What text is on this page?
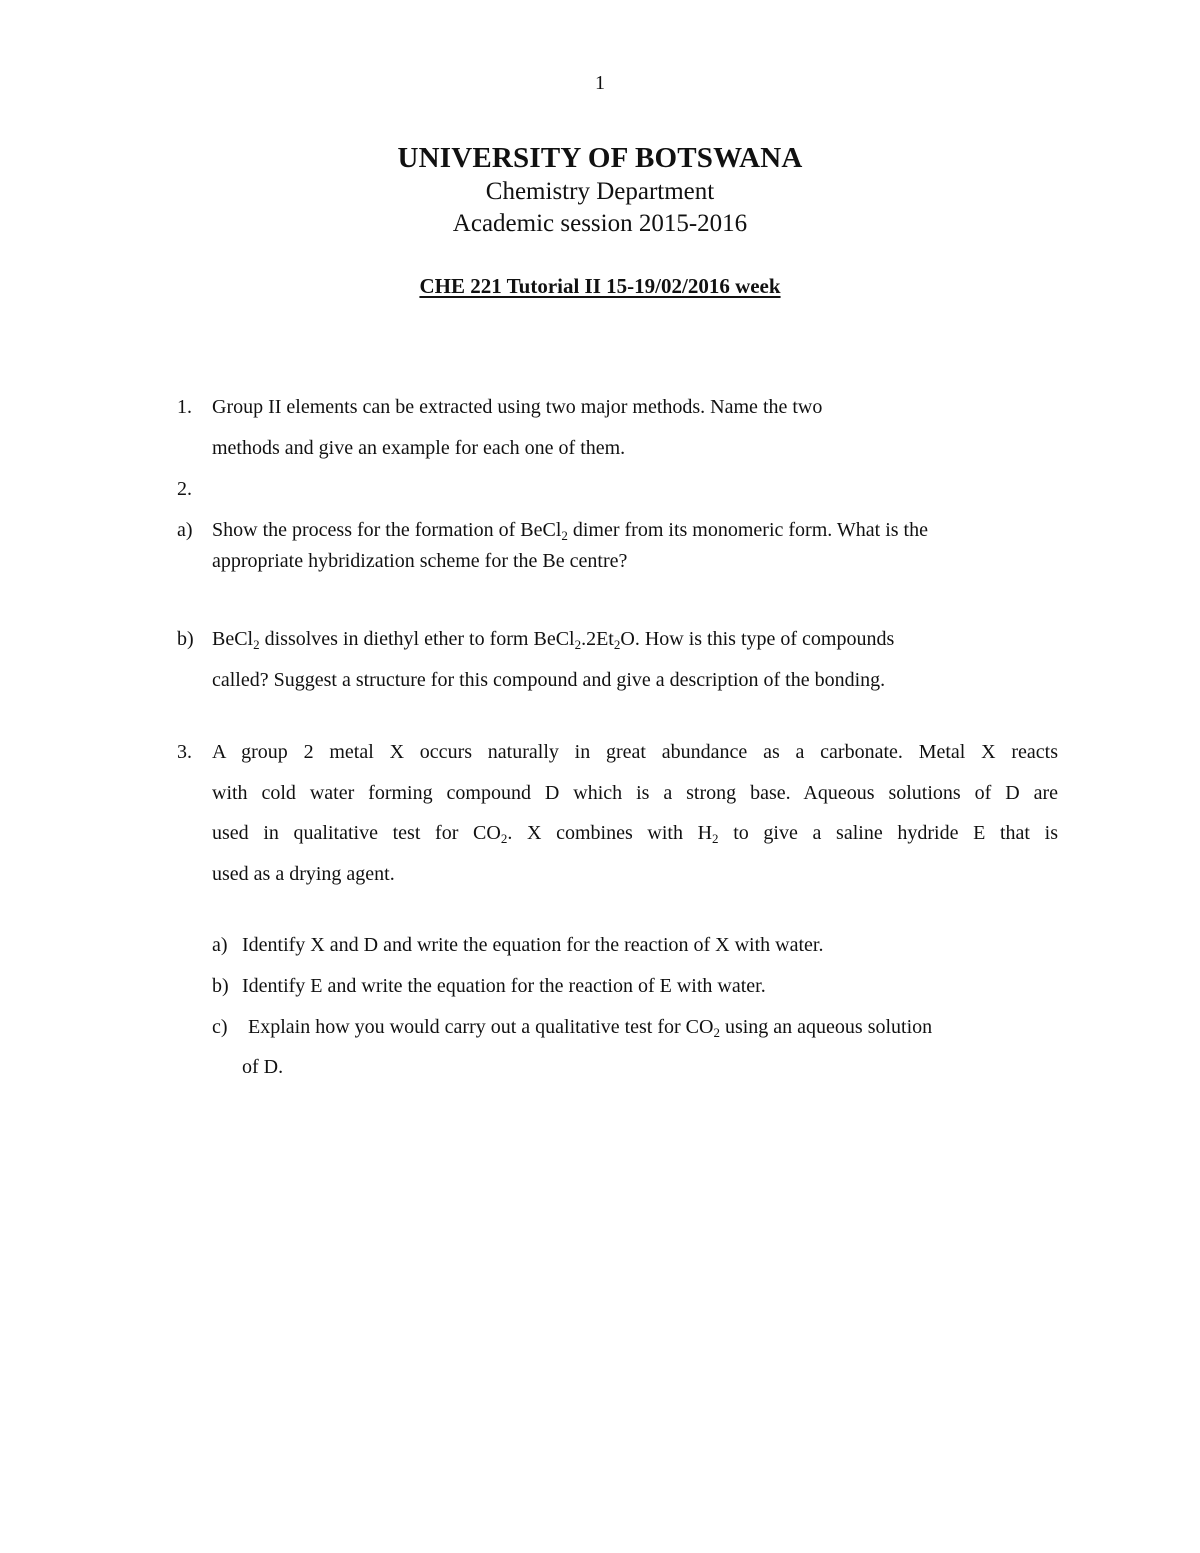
1
UNIVERSITY OF BOTSWANA
Chemistry Department
Academic session 2015-2016
CHE 221 Tutorial II 15-19/02/2016 week
1. Group II elements can be extracted using two major methods. Name the two
methods and give an example for each one of them.
2.
a) Show the process for the formation of BeCl$_2$ dimer from its monomeric form. What is the
appropriate hybridization scheme for the Be centre?
b) BeCl$_2$ dissolves in diethyl ether to form $BeCl_2.2Et_2O$. How is this type of compounds
called? Suggest a structure for this compound and give a description of the bonding.
3. A group 2 metal X occurs naturally in great abundance as a carbonate. Metal X reacts
with cold water forming compound D which is a strong base. Aqueous solutions of D are
used in qualitative test for $CO_2$. X combines with $H_2$ to give a saline hydride E that is
used as a drying agent.
a) Identify X and D and write the equation for the reaction of X with water.
b) Identify E and write the equation for the reaction of E with water.
c) Explain how you would carry out a qualitative test for $CO_2$ using an aqueous solution
of D.
